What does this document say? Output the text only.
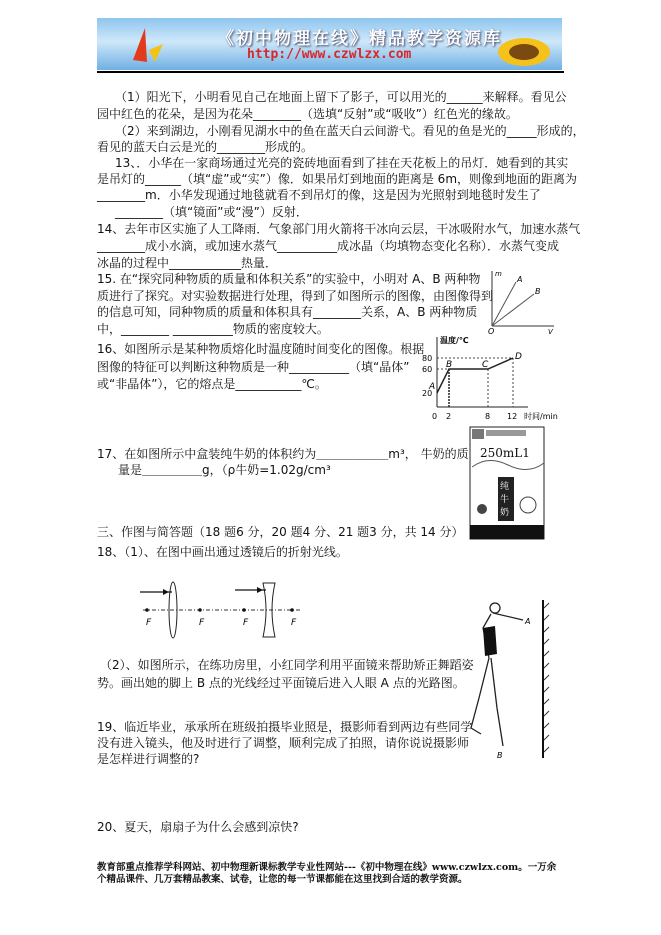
《初中物理在线》精品教学资源库
http://www.czwlzx.com
（1）阳光下，小明看见自己在地面上留下了影子，可以用光的______来解释。看见公
园中红色的花朵，是因为花朵________（选填“反射”或“吸收”）红色光的缘故。
（2）来到湖边，小刚看见湖水中的鱼在蓝天白云间游弋。看见的鱼是光的_____形成的，
看见的蓝天白云是光的________形成的。
13、．小华在一家商场通过光亮的瓷砖地面看到了挂在天花板上的吊灯．她看到的其实
是吊灯的______（填“虚”或“实”）像．如果吊灯到地面的距离是 6m，则像到地面的距离为
________m．小华发现通过地毯就看不到吊灯的像，这是因为光照射到地毯时发生了
________（填“镜面”或“漫”）反射．
14、去年市区实施了人工降雨．气象部门用火箭将干冰向云层，干冰吸附水气，加速水蒸气
________成小水滴，或加速水蒸气__________成冰晶（均填物态变化名称）．水蒸气变成
冰晶的过程中____________热量．
15. 在“探究同种物质的质量和体积关系”的实验中，小明对 A、B 两种物
质进行了探究。对实验数据进行处理，得到了如图所示的图像，由图像得到
的信息可知，同种物质的质量和体积具有________关系，A、B 两种物质
中，________ __________物质的密度较大。
16、如图所示是某种物质熔化时温度随时间变化的图像。根据
图像的特征可以判断这种物质是一种__________（填“晶体”
或“非晶体”），它的熔点是___________℃。
17、在如图所示中盒装纯牛奶的体积约为＿＿＿＿＿＿m³， 牛奶的质
量是＿＿＿＿＿g，（ρ牛奶=1.02g/cm³
三、作图与简答题（18 题6 分，20 题4 分、21 题3 分，共 14 分）
18、（1）、在图中画出通过透镜后的折射光线。
（2）、如图所示，在练功房里，小红同学利用平面镜来帮助矫正舞蹈姿
势。画出她的脚上 B 点的光线经过平面镜后进入人眼 A 点的光路图。
19、临近毕业，承承所在班级拍摄毕业照是，摄影师看到两边有些同学
没有进入镜头，他及时进行了调整，顺利完成了拍照，请你说说摄影师
是怎样进行调整的?
20、夏天，扇扇子为什么会感到凉快?
m
A
B
O	V
温度/℃
80
60
20
0 2	8 12 时间/min
A
B	C
D
纯
牛
奶
250mL1
F	F	F	F	A
B
教育部重点推荐学科网站、初中物理新课标教学专业性网站---《初中物理在线》www.czwlzx.com。一万余
个精品课件、几万套精品教案、试卷，让您的每一节课都能在这里找到合适的教学资源。
